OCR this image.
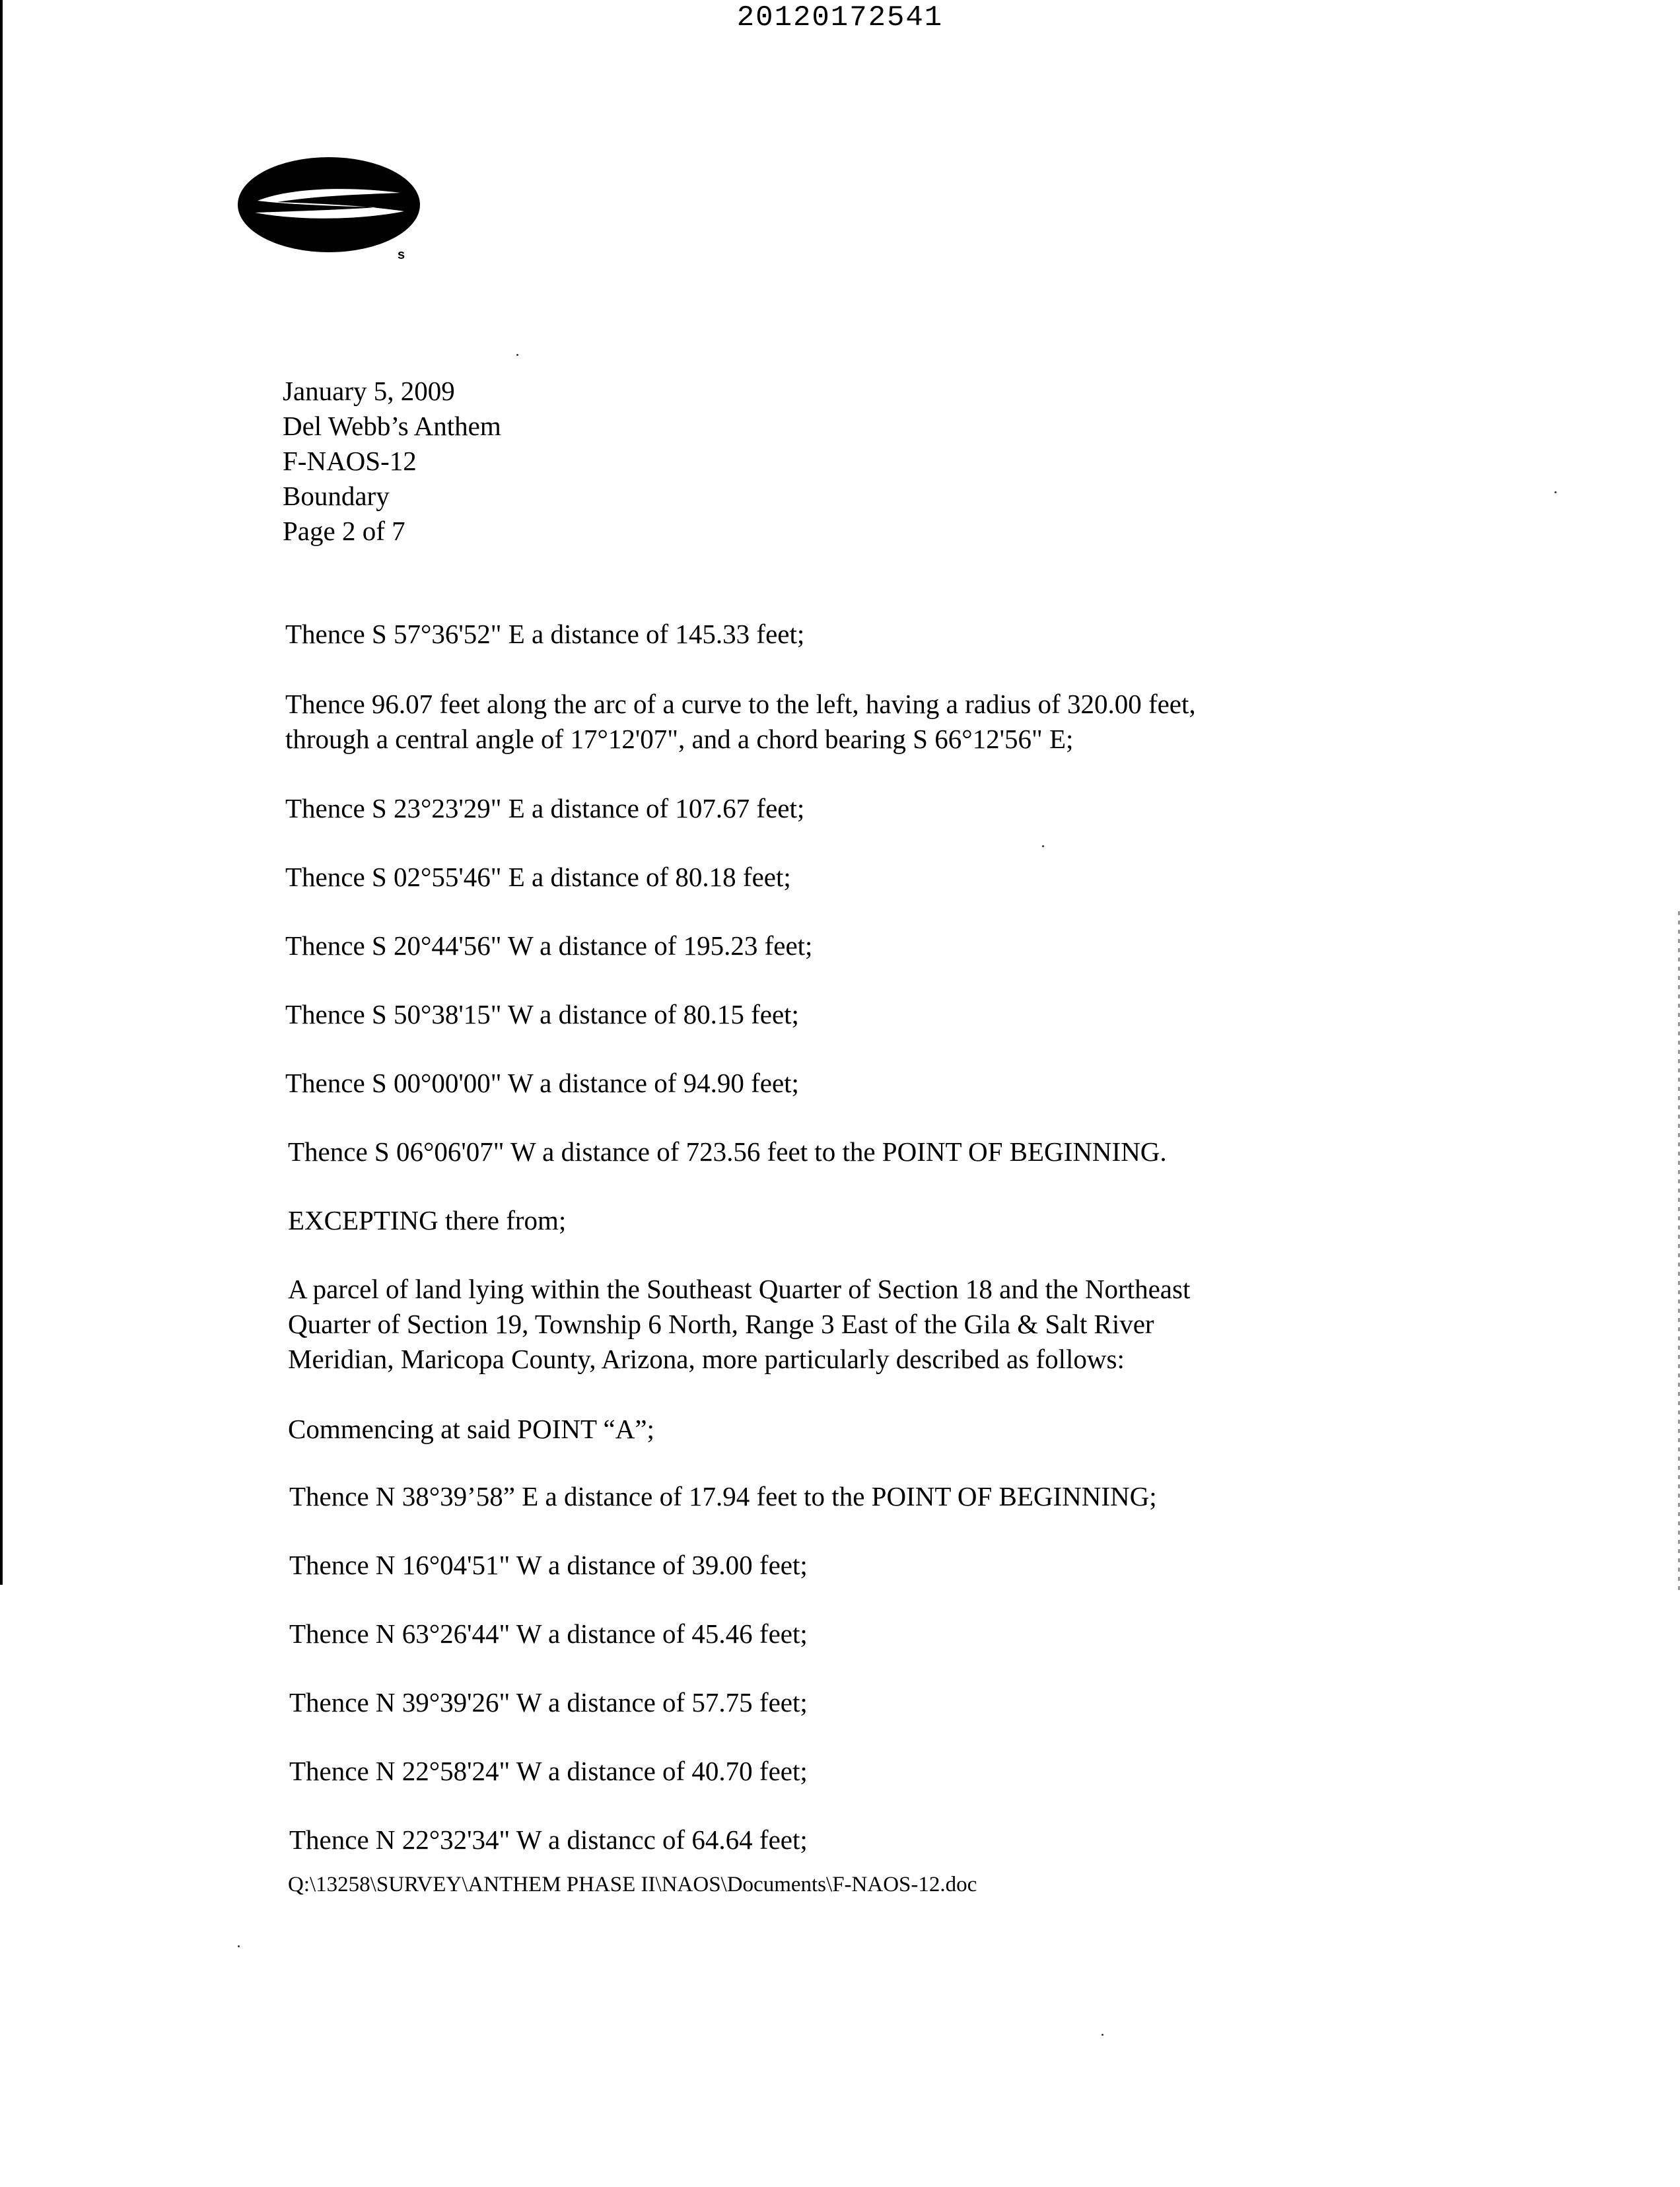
20120172541
s
January 5, 2009
Del Webb’s Anthem
F-NAOS-12
Boundary
Page 2 of 7
Thence S 57°36'52" E a distance of 145.33 feet;
Thence 96.07 feet along the arc of a curve to the left, having a radius of 320.00 feet,
through a central angle of 17°12'07", and a chord bearing S 66°12'56" E;
Thence S 23°23'29" E a distance of 107.67 feet;
Thence S 02°55'46" E a distance of 80.18 feet;
Thence S 20°44'56" W a distance of 195.23 feet;
Thence S 50°38'15" W a distance of 80.15 feet;
Thence S 00°00'00" W a distance of 94.90 feet;
Thence S 06°06'07" W a distance of 723.56 feet to the POINT OF BEGINNING.
EXCEPTING there from;
A parcel of land lying within the Southeast Quarter of Section 18 and the Northeast
Quarter of Section 19, Township 6 North, Range 3 East of the Gila & Salt River
Meridian, Maricopa County, Arizona, more particularly described as follows:
Commencing at said POINT “A”;
Thence N 38°39’58” E a distance of 17.94 feet to the POINT OF BEGINNING;
Thence N 16°04'51" W a distance of 39.00 feet;
Thence N 63°26'44" W a distance of 45.46 feet;
Thence N 39°39'26" W a distance of 57.75 feet;
Thence N 22°58'24" W a distance of 40.70 feet;
Thence N 22°32'34" W a distancc of 64.64 feet;
Q:\13258\SURVEY\ANTHEM PHASE II\NAOS\Documents\F-NAOS-12.doc
